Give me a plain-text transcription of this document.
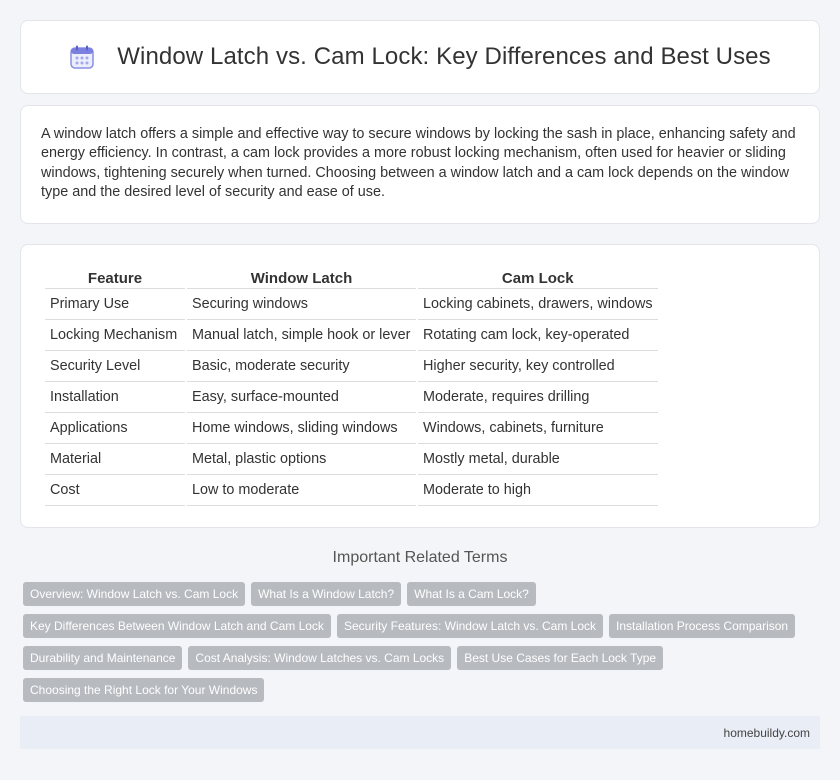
Window Latch vs. Cam Lock: Key Differences and Best Uses

A window latch offers a simple and effective way to secure windows by locking the sash in place, enhancing safety and energy efficiency. In contrast, a cam lock provides a more robust locking mechanism, often used for heavier or sliding windows, tightening securely when turned. Choosing between a window latch and a cam lock depends on the window type and the desired level of security and ease of use.

Feature	Window Latch	Cam Lock
Primary Use	Securing windows	Locking cabinets, drawers, windows
Locking Mechanism	Manual latch, simple hook or lever	Rotating cam lock, key-operated
Security Level	Basic, moderate security	Higher security, key controlled
Installation	Easy, surface-mounted	Moderate, requires drilling
Applications	Home windows, sliding windows	Windows, cabinets, furniture
Material	Metal, plastic options	Mostly metal, durable
Cost	Low to moderate	Moderate to high
Important Related Terms
Overview: Window Latch vs. Cam Lock	What Is a Window Latch?	What Is a Cam Lock?
Key Differences Between Window Latch and Cam Lock	Security Features: Window Latch vs. Cam Lock	Installation Process Comparison
Durability and Maintenance	Cost Analysis: Window Latches vs. Cam Locks	Best Use Cases for Each Lock Type
Choosing the Right Lock for Your Windows
homebuildy.com
